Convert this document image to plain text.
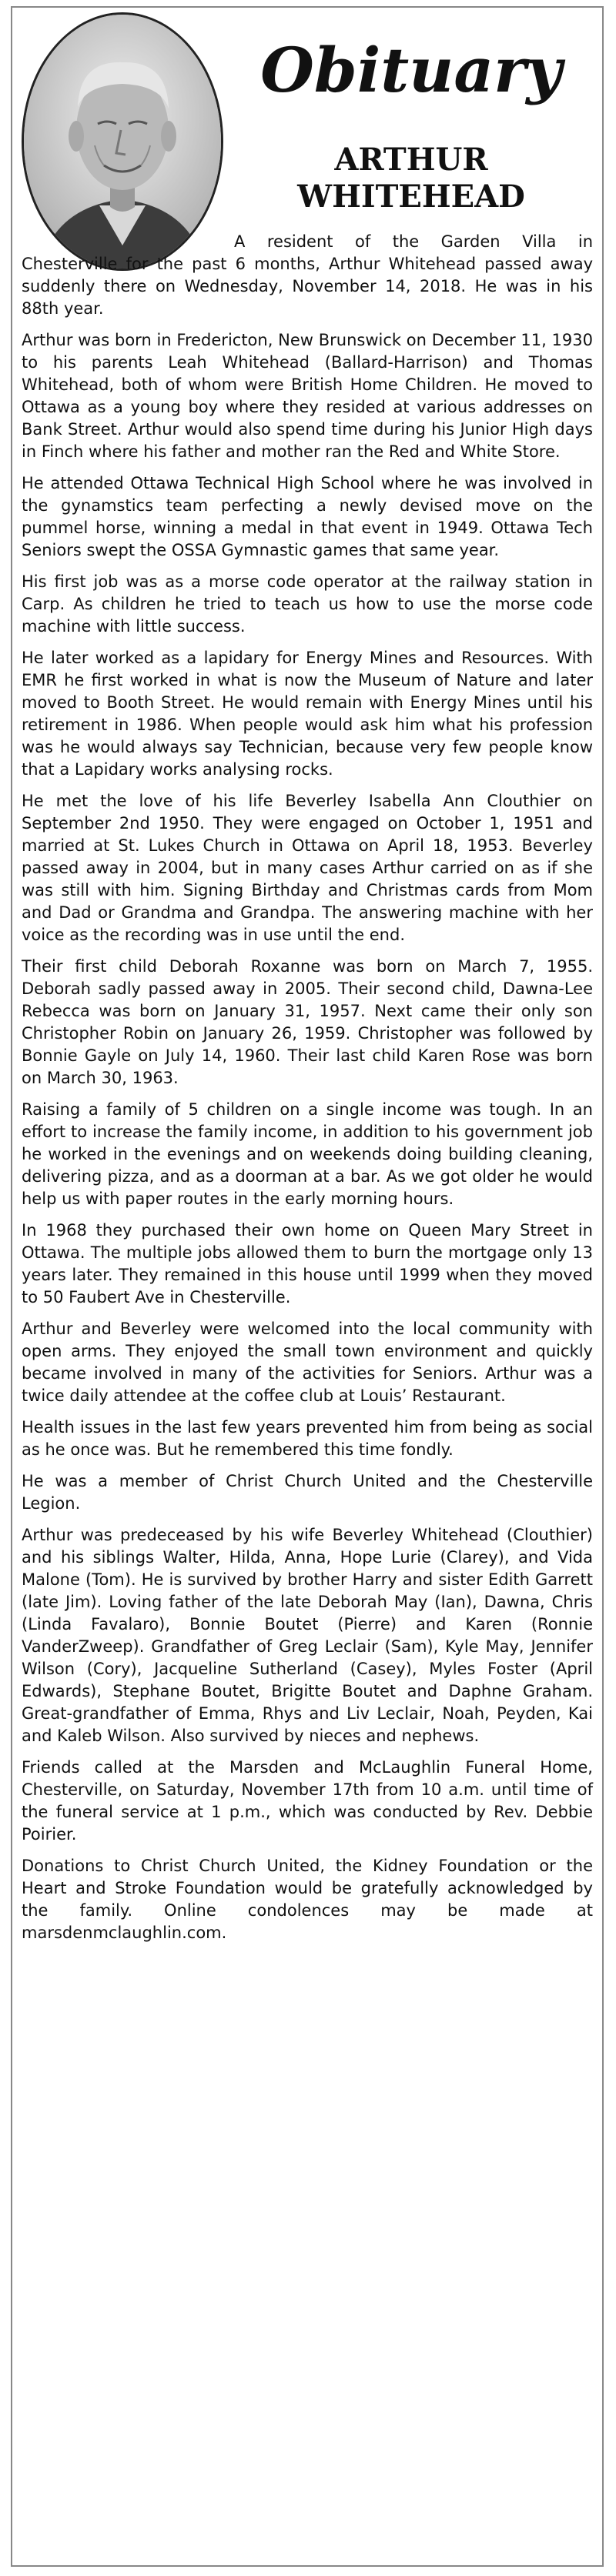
Obituary
ARTHUR
WHITEHEAD

A resident of the Garden Villa in Chesterville for the past 6 months, Arthur Whitehead passed away suddenly there on Wednesday, November 14, 2018. He was in his 88th year.

Arthur was born in Fredericton, New Brunswick on December 11, 1930 to his parents Leah Whitehead (Ballard-Harrison) and Thomas Whitehead, both of whom were British Home Children. He moved to Ottawa as a young boy where they resided at various addresses on Bank Street. Arthur would also spend time during his Junior High days in Finch where his father and mother ran the Red and White Store.

He attended Ottawa Technical High School where he was involved in the gynamstics team perfecting a newly devised move on the pummel horse, winning a medal in that event in 1949. Ottawa Tech Seniors swept the OSSA Gymnastic games that same year.

His first job was as a morse code operator at the railway station in Carp. As children he tried to teach us how to use the morse code machine with little success.

He later worked as a lapidary for Energy Mines and Resources. With EMR he first worked in what is now the Museum of Nature and later moved to Booth Street. He would remain with Energy Mines until his retirement in 1986. When people would ask him what his profession was he would always say Technician, because very few people know that a Lapidary works analysing rocks.

He met the love of his life Beverley Isabella Ann Clouthier on September 2nd 1950. They were engaged on October 1, 1951 and married at St. Lukes Church in Ottawa on April 18, 1953. Beverley passed away in 2004, but in many cases Arthur carried on as if she was still with him. Signing Birthday and Christmas cards from Mom and Dad or Grandma and Grandpa. The answering machine with her voice as the recording was in use until the end.

Their first child Deborah Roxanne was born on March 7, 1955. Deborah sadly passed away in 2005. Their second child, Dawna-Lee Rebecca was born on January 31, 1957. Next came their only son Christopher Robin on January 26, 1959. Christopher was followed by Bonnie Gayle on July 14, 1960. Their last child Karen Rose was born on March 30, 1963.

Raising a family of 5 children on a single income was tough. In an effort to increase the family income, in addition to his government job he worked in the evenings and on weekends doing building cleaning, delivering pizza, and as a doorman at a bar. As we got older he would help us with paper routes in the early morning hours.

In 1968 they purchased their own home on Queen Mary Street in Ottawa. The multiple jobs allowed them to burn the mortgage only 13 years later. They remained in this house until 1999 when they moved to 50 Faubert Ave in Chesterville.

Arthur and Beverley were welcomed into the local community with open arms. They enjoyed the small town environment and quickly became involved in many of the activities for Seniors. Arthur was a twice daily attendee at the coffee club at Louis’ Restaurant.

Health issues in the last few years prevented him from being as social as he once was. But he remembered this time fondly.

He was a member of Christ Church United and the Chesterville Legion.

Arthur was predeceased by his wife Beverley Whitehead (Clouthier) and his siblings Walter, Hilda, Anna, Hope Lurie (Clarey), and Vida Malone (Tom). He is survived by brother Harry and sister Edith Garrett (late Jim). Loving father of the late Deborah May (Ian), Dawna, Chris (Linda Favalaro), Bonnie Boutet (Pierre) and Karen (Ronnie VanderZweep). Grandfather of Greg Leclair (Sam), Kyle May, Jennifer Wilson (Cory), Jacqueline Sutherland (Casey), Myles Foster (April Edwards), Stephane Boutet, Brigitte Boutet and Daphne Graham. Great-grandfather of Emma, Rhys and Liv Leclair, Noah, Peyden, Kai and Kaleb Wilson. Also survived by nieces and nephews.

Friends called at the Marsden and McLaughlin Funeral Home, Chesterville, on Saturday, November 17th from 10 a.m. until time of the funeral service at 1 p.m., which was conducted by Rev. Debbie Poirier.

Donations to Christ Church United, the Kidney Foundation or the Heart and Stroke Foundation would be gratefully acknowledged by the family. Online condolences may be made at marsdenmclaughlin.com.
